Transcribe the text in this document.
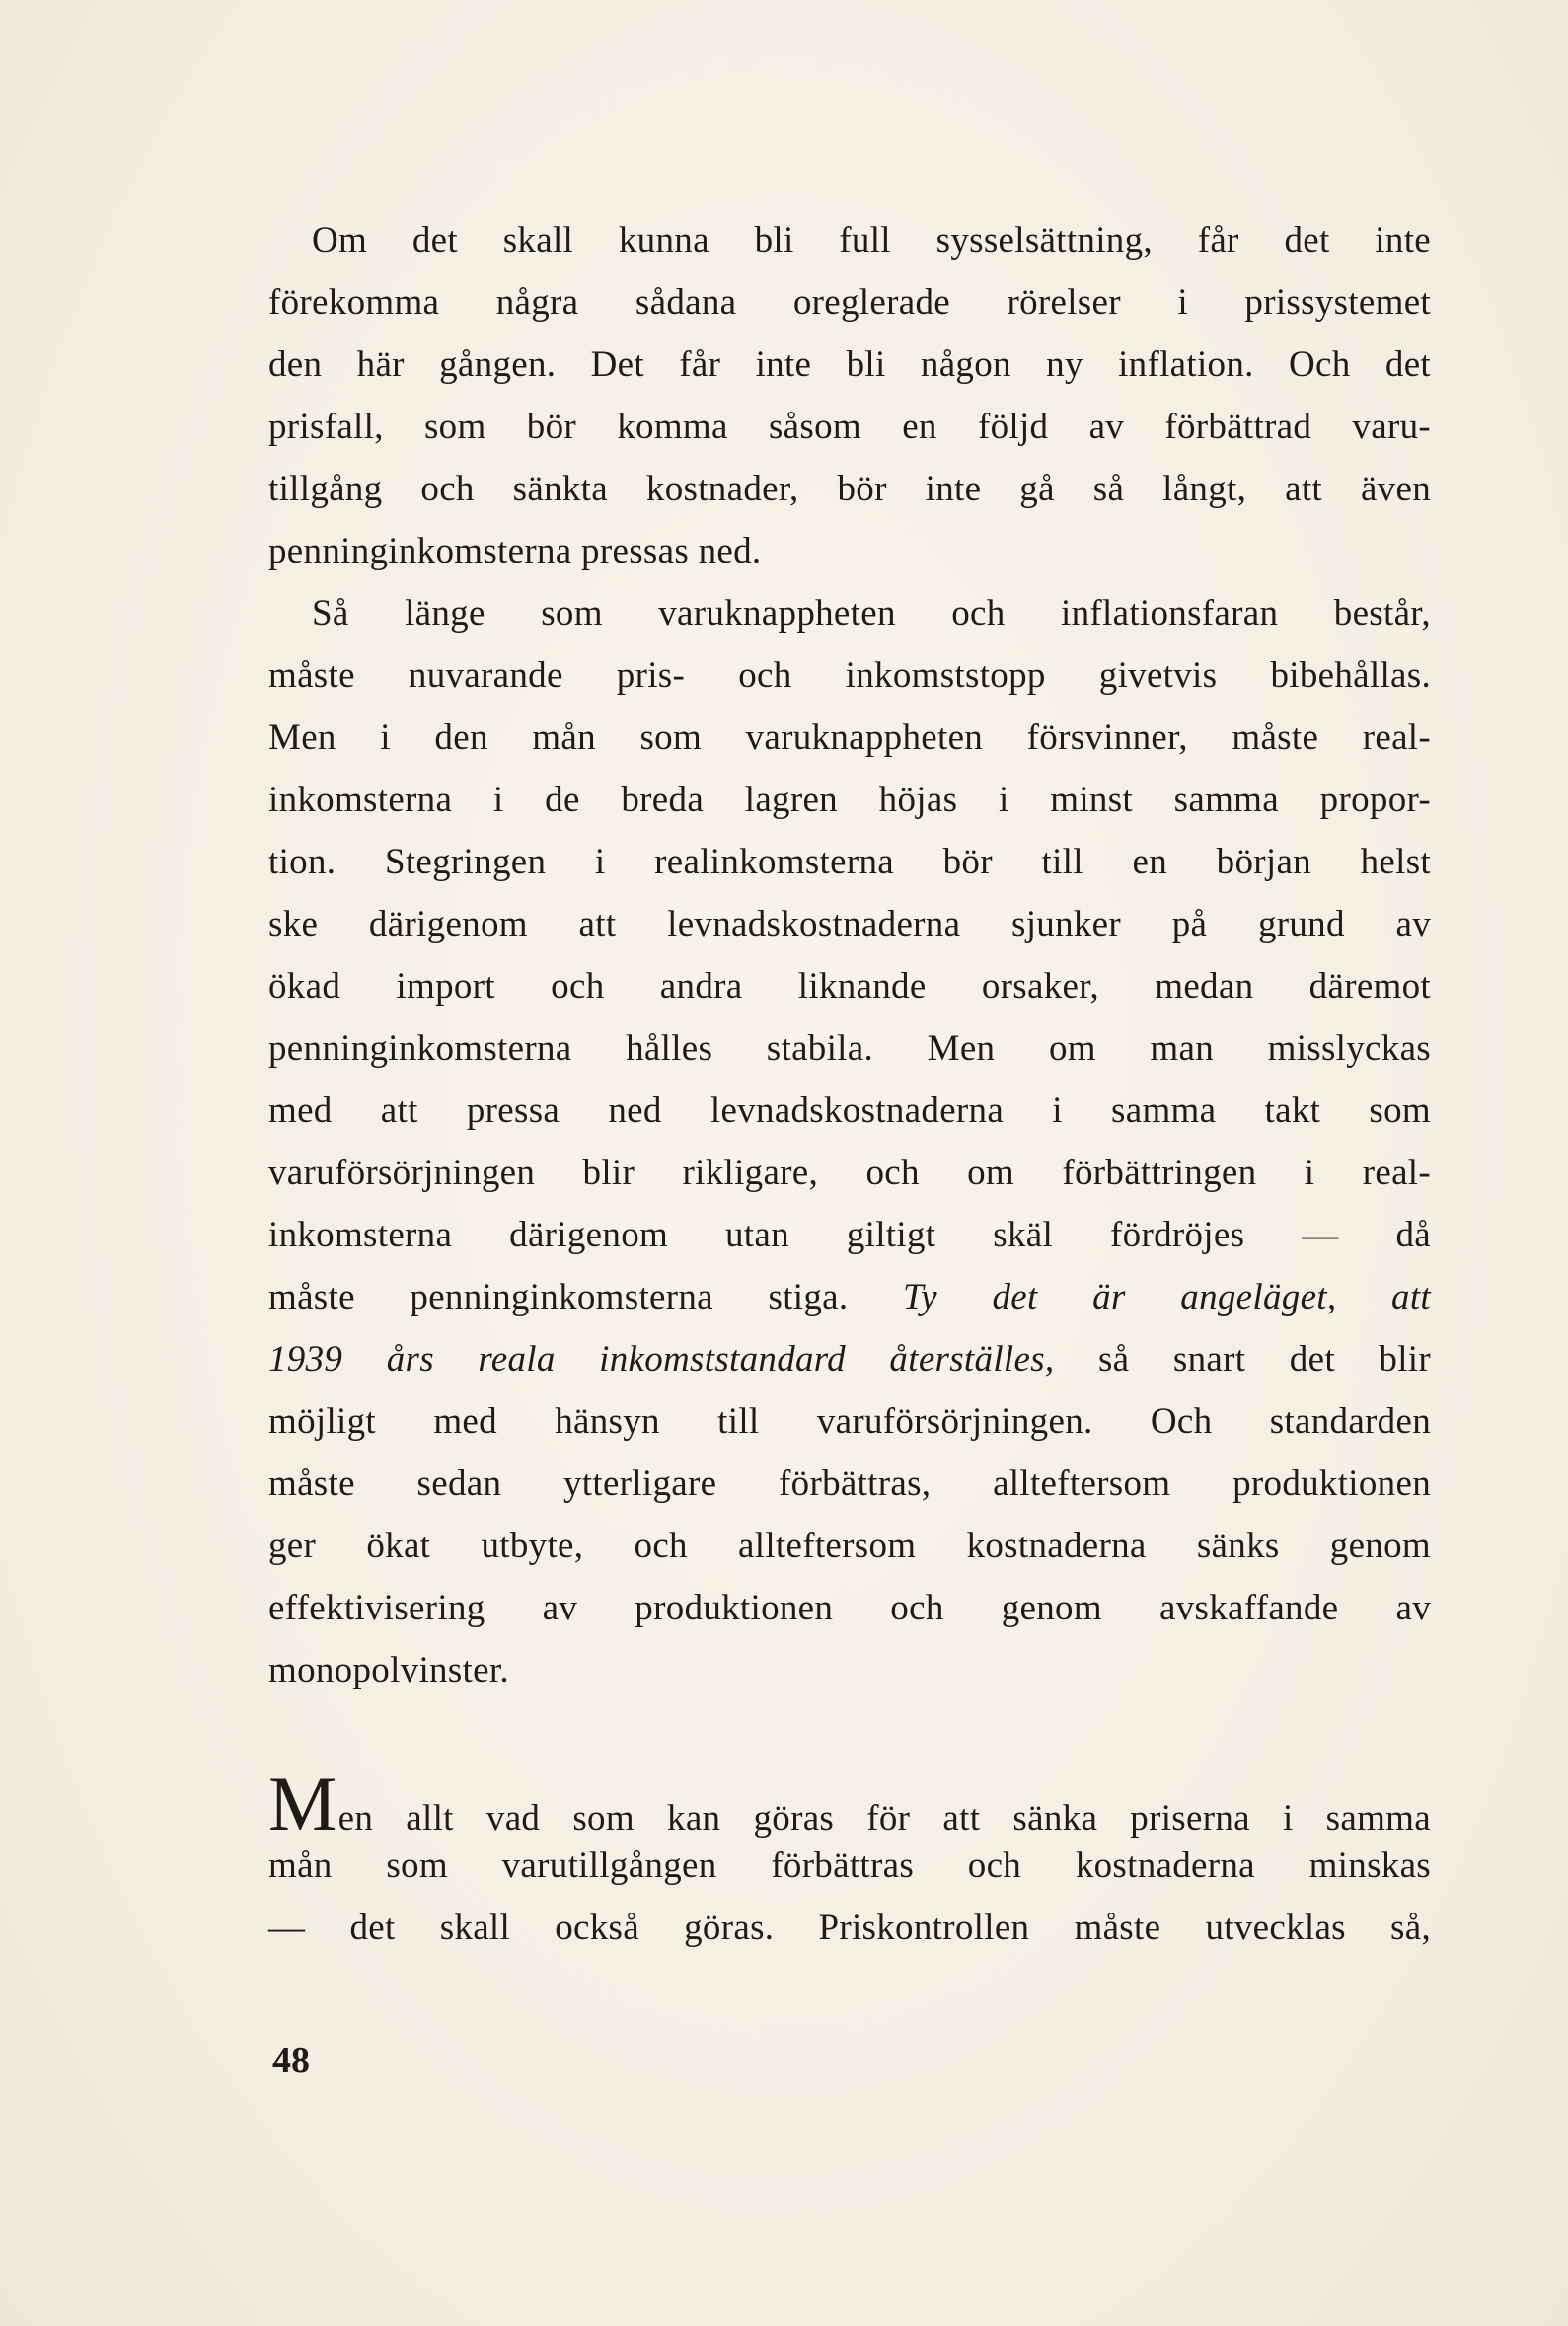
Om det skall kunna bli full sysselsättning, får det inte
förekomma några sådana oreglerade rörelser i prissystemet
den här gången. Det får inte bli någon ny inflation. Och det
prisfall, som bör komma såsom en följd av förbättrad varu-
tillgång och sänkta kostnader, bör inte gå så långt, att även
penninginkomsterna pressas ned.
Så länge som varuknappheten och inflationsfaran består,
måste nuvarande pris- och inkomststopp givetvis bibehållas.
Men i den mån som varuknappheten försvinner, måste real-
inkomsterna i de breda lagren höjas i minst samma propor-
tion. Stegringen i realinkomsterna bör till en början helst
ske därigenom att levnadskostnaderna sjunker på grund av
ökad import och andra liknande orsaker, medan däremot
penninginkomsterna hålles stabila. Men om man misslyckas
med att pressa ned levnadskostnaderna i samma takt som
varuförsörjningen blir rikligare, och om förbättringen i real-
inkomsterna därigenom utan giltigt skäl fördröjes — då
måste penninginkomsterna stiga. Ty det är angeläget, att
1939 års reala inkomststandard återställes, så snart det blir
möjligt med hänsyn till varuförsörjningen. Och standarden
måste sedan ytterligare förbättras, allteftersom produktionen
ger ökat utbyte, och allteftersom kostnaderna sänks genom
effektivisering av produktionen och genom avskaffande av
monopolvinster.
Men allt vad som kan göras för att sänka priserna i samma
mån som varutillgången förbättras och kostnaderna minskas
— det skall också göras. Priskontrollen måste utvecklas så,
48
